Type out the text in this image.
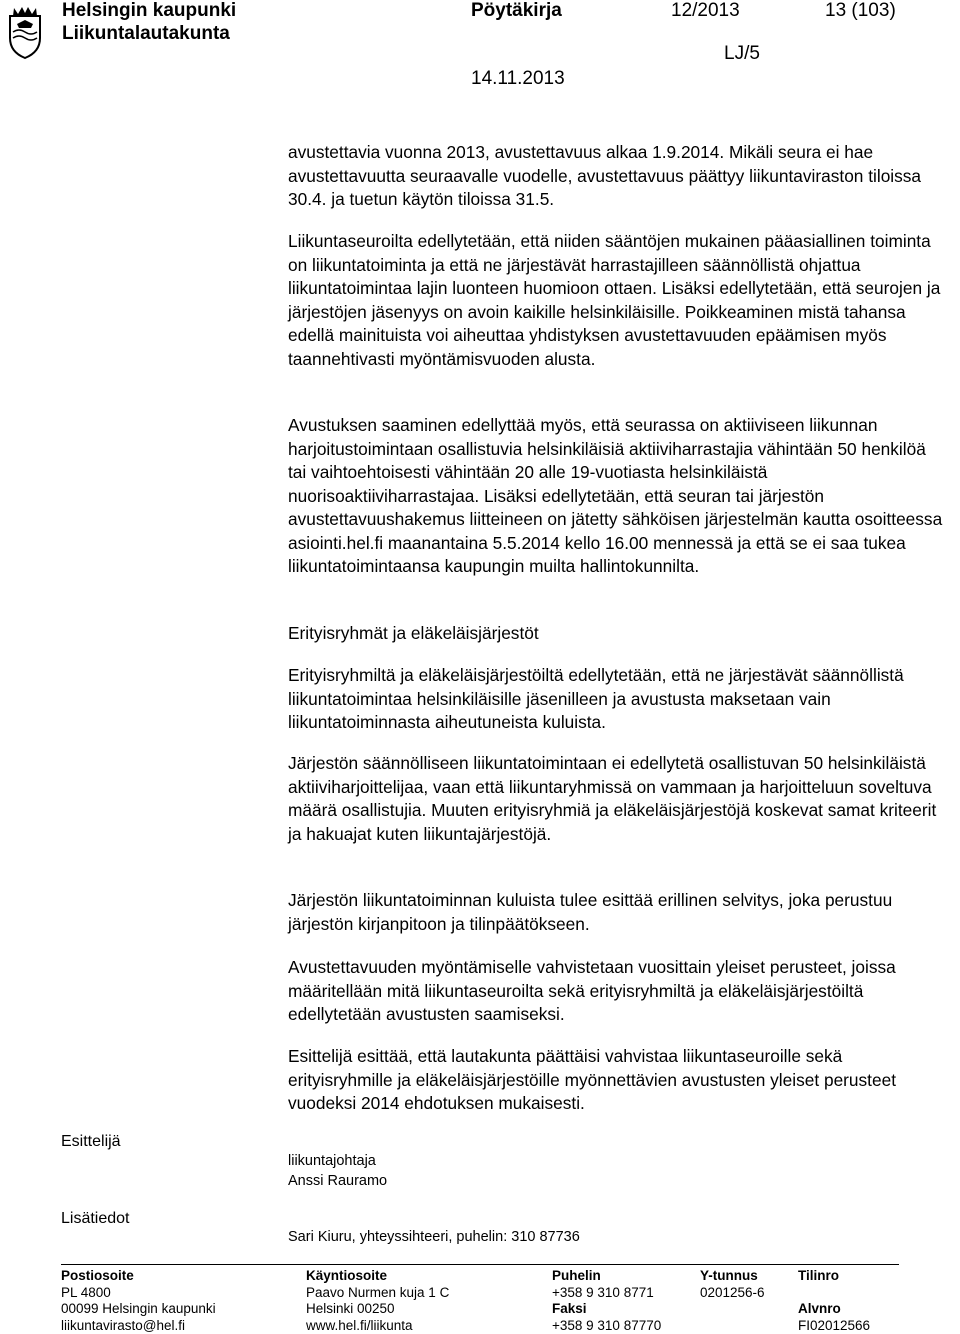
Helsingin kaupunki
Liikuntalautakunta
Pöytäkirja	12/2013	13 (103)
LJ/5
14.11.2013

avustettavia vuonna 2013, avustettavuus alkaa 1.9.2014. Mikäli seura ei hae avustettavuutta seuraavalle vuodelle, avustettavuus päättyy liikuntaviraston tiloissa 30.4. ja tuetun käytön tiloissa 31.5.

Liikuntaseuroilta edellytetään, että niiden sääntöjen mukainen pääasiallinen toiminta on liikuntatoiminta ja että ne järjestävät harrastajilleen säännöllistä ohjattua liikuntatoimintaa lajin luonteen huomioon ottaen. Lisäksi edellytetään, että seurojen ja järjestöjen jäsenyys on avoin kaikille helsinkiläisille. Poikkeaminen mistä tahansa edellä mainituista voi aiheuttaa yhdistyksen avustettavuuden epäämisen myös taannehtivasti myöntämisvuoden alusta.

Avustuksen saaminen edellyttää myös, että seurassa on aktiiviseen liikunnan harjoitustoimintaan osallistuvia helsinkiläisiä aktiiviharrastajia vähintään 50 henkilöä tai vaihtoehtoisesti vähintään 20 alle 19-vuotiasta helsinkiläistä nuorisoaktiiviharrastajaa. Lisäksi edellytetään, että seuran tai järjestön avustettavuushakemus liitteineen on jätetty sähköisen järjestelmän kautta osoitteessa asiointi.hel.fi maanantaina 5.5.2014 kello 16.00 mennessä ja että se ei saa tukea liikuntatoimintaansa kaupungin muilta hallintokunnilta.

Erityisryhmät ja eläkeläisjärjestöt

Erityisryhmiltä ja eläkeläisjärjestöiltä edellytetään, että ne järjestävät säännöllistä liikuntatoimintaa helsinkiläisille jäsenilleen ja avustusta maksetaan vain liikuntatoiminnasta aiheutuneista kuluista.

Järjestön säännölliseen liikuntatoimintaan ei edellytetä osallistuvan 50 helsinkiläistä aktiiviharjoittelijaa, vaan että liikuntaryhmissä on vammaan ja harjoitteluun soveltuva määrä osallistujia. Muuten erityisryhmiä ja eläkeläisjärjestöjä koskevat samat kriteerit ja hakuajat kuten liikuntajärjestöjä.

Järjestön liikuntatoiminnan kuluista tulee esittää erillinen selvitys, joka perustuu järjestön kirjanpitoon ja tilinpäätökseen.

Avustettavuuden myöntämiselle vahvistetaan vuosittain yleiset perusteet, joissa määritellään mitä liikuntaseuroilta sekä erityisryhmiltä ja eläkeläisjärjestöiltä edellytetään avustusten saamiseksi.

Esittelijä esittää, että lautakunta päättäisi vahvistaa liikuntaseuroille sekä erityisryhmille ja eläkeläisjärjestöille myönnettävien avustusten yleiset perusteet vuodeksi 2014 ehdotuksen mukaisesti.

Esittelijä
liikuntajohtaja
Anssi Rauramo
Lisätiedot
Sari Kiuru, yhteyssihteeri, puhelin: 310 87736
Postiosoite
PL 4800
00099 Helsingin kaupunki
liikuntavirasto@hel.fi
Käyntiosoite
Paavo Nurmen kuja 1 C
Helsinki 00250
www.hel.fi/liikunta
Puhelin
+358 9 310 8771
Faksi
+358 9 310 87770
Y-tunnus
0201256-6
Tilinro

Alvnro
FI02012566
